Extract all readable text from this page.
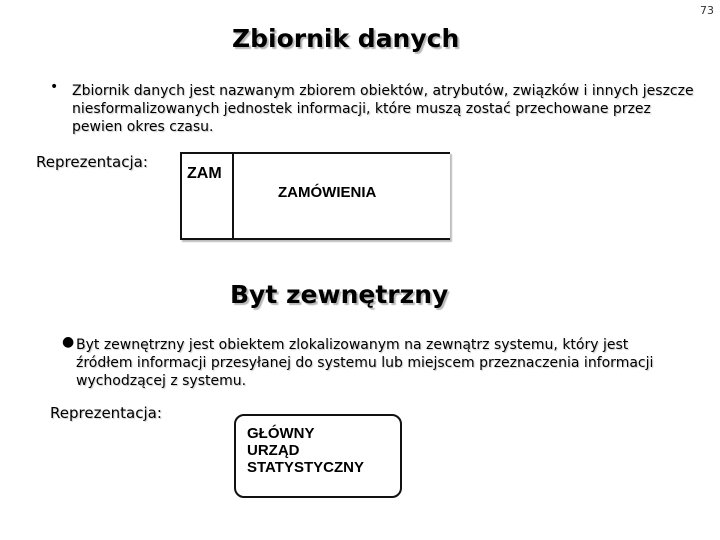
73
Zbiornik danych
• Zbiornik danych jest nazwanym zbiorem obiektów, atrybutów, związków i innych jeszcze niesformalizowanych jednostek informacji, które muszą zostać przechowane przez pewien okres czasu.
Reprezentacja:
ZAM
ZAMÓWIENIA
Byt zewnętrzny
● Byt zewnętrzny jest obiektem zlokalizowanym na zewnątrz systemu, który jest źródłem informacji przesyłanej do systemu lub miejscem przeznaczenia informacji wychodzącej z systemu.
Reprezentacja:
GŁÓWNY
URZĄD
STATYSTYCZNY
